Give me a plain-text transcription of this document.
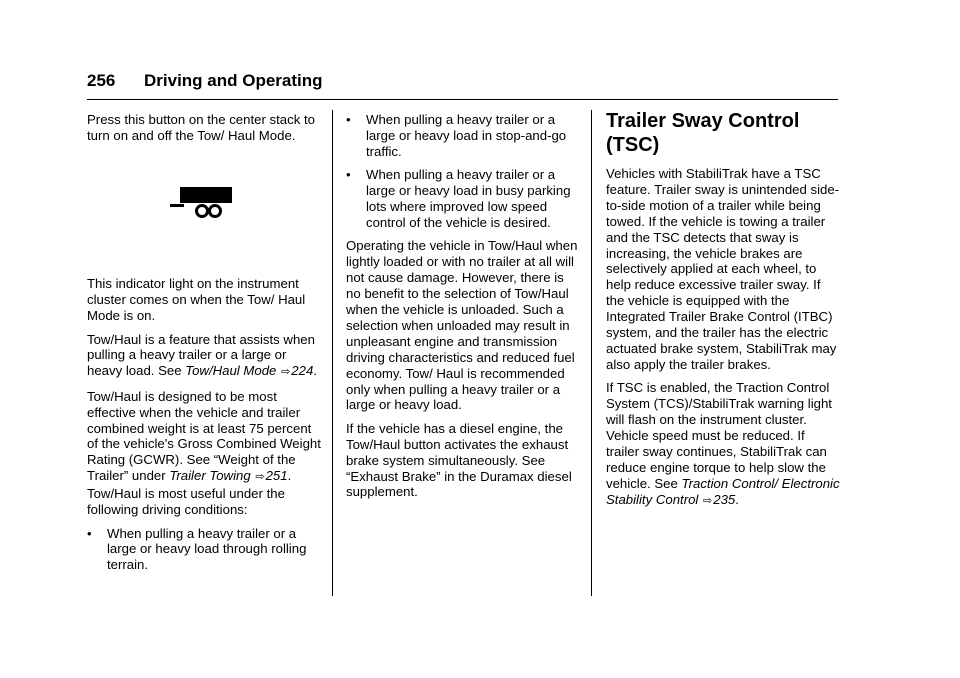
256 Driving and Operating

Press this button on the center stack to turn on and off the Tow/ Haul Mode.

This indicator light on the instrument cluster comes on when the Tow/ Haul Mode is on.

Tow/Haul is a feature that assists when pulling a heavy trailer or a large or heavy load. See Tow/Haul Mode ⇨224.

Tow/Haul is designed to be most effective when the vehicle and trailer combined weight is at least 75 percent of the vehicle's Gross Combined Weight Rating (GCWR). See “Weight of the Trailer” under Trailer Towing ⇨251. Tow/Haul is most useful under the following driving conditions:

• When pulling a heavy trailer or a large or heavy load through rolling terrain.
• When pulling a heavy trailer or a large or heavy load in stop-and-go traffic.
• When pulling a heavy trailer or a large or heavy load in busy parking lots where improved low speed control of the vehicle is desired.

Operating the vehicle in Tow/Haul when lightly loaded or with no trailer at all will not cause damage. However, there is no benefit to the selection of Tow/Haul when the vehicle is unloaded. Such a selection when unloaded may result in unpleasant engine and transmission driving characteristics and reduced fuel economy. Tow/ Haul is recommended only when pulling a heavy trailer or a large or heavy load.

If the vehicle has a diesel engine, the Tow/Haul button activates the exhaust brake system simultaneously. See “Exhaust Brake” in the Duramax diesel supplement.

Trailer Sway Control (TSC)

Vehicles with StabiliTrak have a TSC feature. Trailer sway is unintended side-to-side motion of a trailer while being towed. If the vehicle is towing a trailer and the TSC detects that sway is increasing, the vehicle brakes are selectively applied at each wheel, to help reduce excessive trailer sway. If the vehicle is equipped with the Integrated Trailer Brake Control (ITBC) system, and the trailer has the electric actuated brake system, StabiliTrak may also apply the trailer brakes.

If TSC is enabled, the Traction Control System (TCS)/StabiliTrak warning light will flash on the instrument cluster. Vehicle speed must be reduced. If trailer sway continues, StabiliTrak can reduce engine torque to help slow the vehicle. See Traction Control/ Electronic Stability Control ⇨235.
